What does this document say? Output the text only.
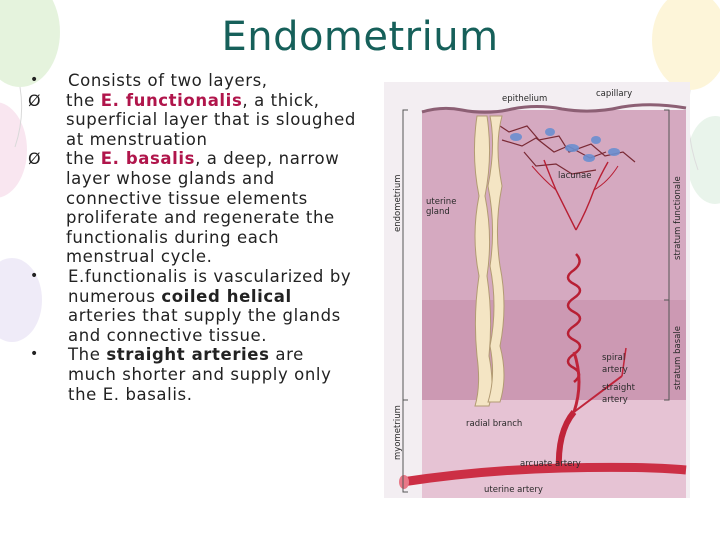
Endometrium
•	Consists of two layers,
Ø	the E. functionalis, a thick, superficial layer that is sloughed at menstruation
Ø	the E. basalis, a deep, narrow layer whose glands and connective tissue elements proliferate and regenerate the functionalis during each menstrual cycle.
•	E.functionalis is vascularized by numerous coiled helical arteries that supply the glands and connective tissue.
•	The straight arteries are much shorter and supply only the E. basalis.
epithelium	capillary
lacunae
uterine
gland
spiral
artery
straight
artery
radial branch
arcuate artery
uterine artery
endometrium
myometrium
stratum functionale
stratum basale
